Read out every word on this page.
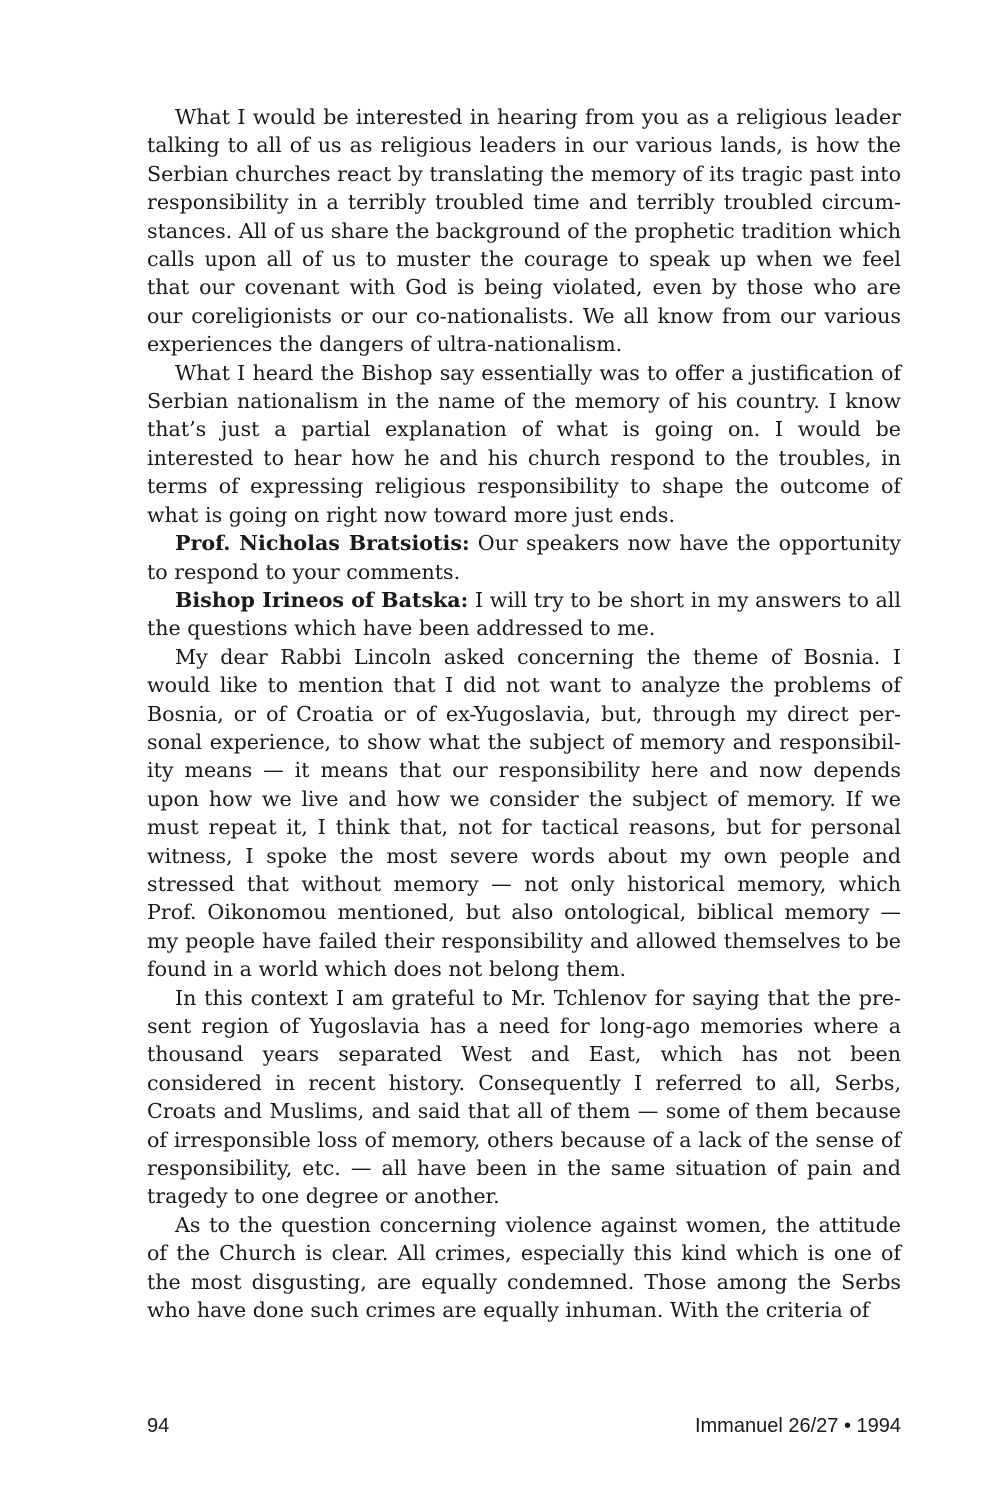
What I would be interested in hearing from you as a religious leader talking to all of us as religious leaders in our various lands, is how the Serbian churches react by translating the memory of its tragic past into responsibility in a terribly troubled time and terribly troubled circumstances. All of us share the background of the prophetic tradition which calls upon all of us to muster the courage to speak up when we feel that our covenant with God is being violated, even by those who are our coreligionists or our co-nationalists. We all know from our various experiences the dangers of ultra-nationalism.

What I heard the Bishop say essentially was to offer a justification of Serbian nationalism in the name of the memory of his country. I know that’s just a partial explanation of what is going on. I would be interested to hear how he and his church respond to the troubles, in terms of expressing religious responsibility to shape the outcome of what is going on right now toward more just ends.

Prof. Nicholas Bratsiotis: Our speakers now have the opportunity to respond to your comments.

Bishop Irineos of Batska: I will try to be short in my answers to all the questions which have been addressed to me.

My dear Rabbi Lincoln asked concerning the theme of Bosnia. I would like to mention that I did not want to analyze the problems of Bosnia, or of Croatia or of ex-Yugoslavia, but, through my direct personal experience, to show what the subject of memory and responsibility means — it means that our responsibility here and now depends upon how we live and how we consider the subject of memory. If we must repeat it, I think that, not for tactical reasons, but for personal witness, I spoke the most severe words about my own people and stressed that without memory — not only historical memory, which Prof. Oikonomou mentioned, but also ontological, biblical memory — my people have failed their responsibility and allowed themselves to be found in a world which does not belong them.

In this context I am grateful to Mr. Tchlenov for saying that the present region of Yugoslavia has a need for long-ago memories where a thousand years separated West and East, which has not been considered in recent history. Consequently I referred to all, Serbs, Croats and Muslims, and said that all of them — some of them because of irresponsible loss of memory, others because of a lack of the sense of responsibility, etc. — all have been in the same situation of pain and tragedy to one degree or another.

As to the question concerning violence against women, the attitude of the Church is clear. All crimes, especially this kind which is one of the most disgusting, are equally condemned. Those among the Serbs who have done such crimes are equally inhuman. With the criteria of

94	Immanuel 26/27 • 1994
